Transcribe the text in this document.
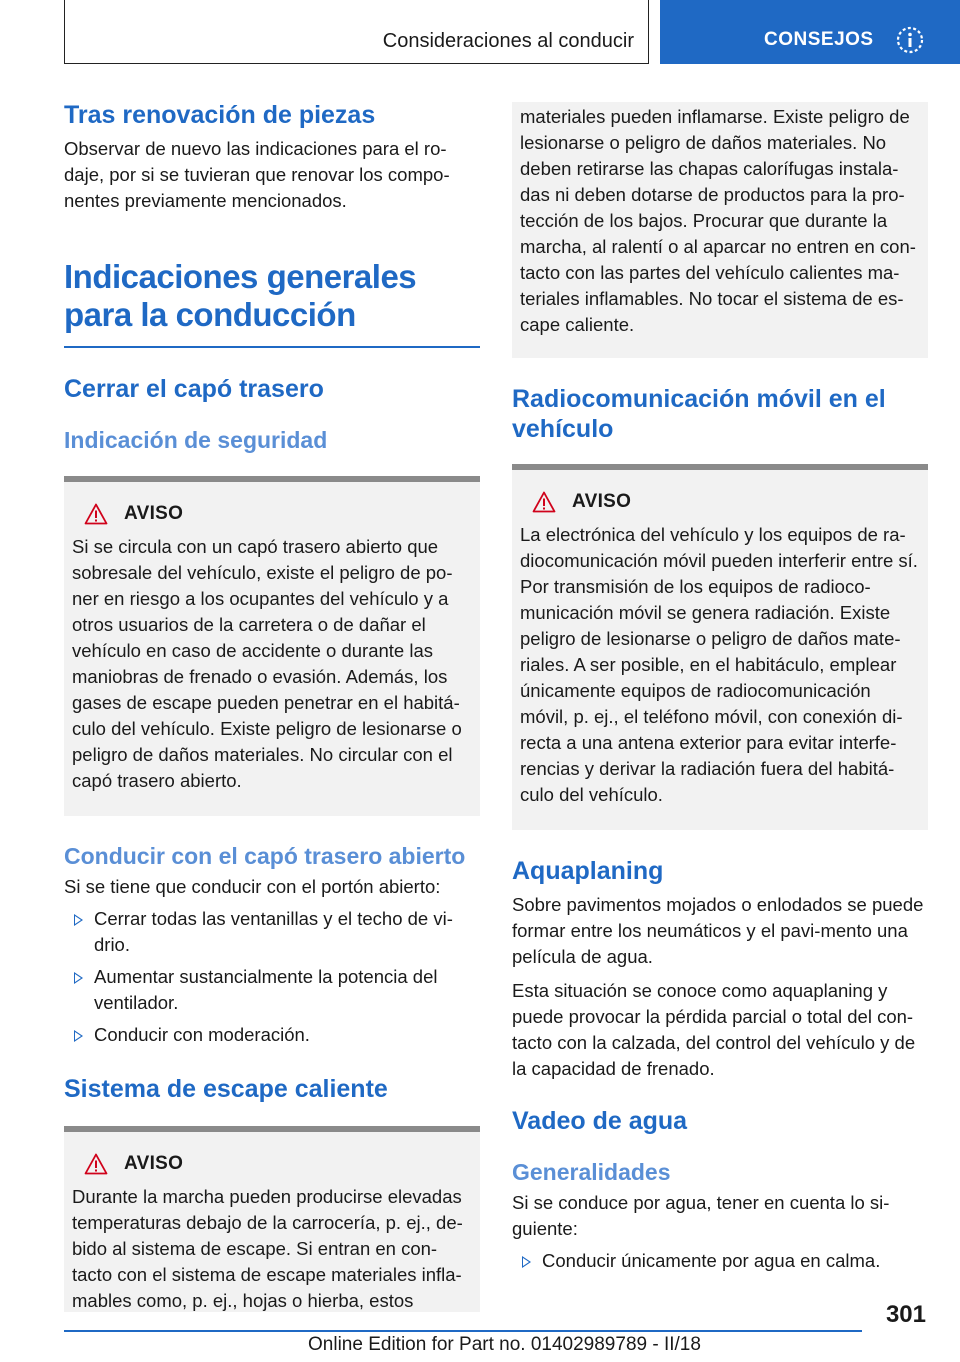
Consideraciones al conducir	CONSEJOS
Tras renovación de piezas

Observar de nuevo las indicaciones para el ro-daje, por si se tuvieran que renovar los compo-nentes previamente mencionados.

Indicaciones generales
para la conducción
Cerrar el capó trasero
Indicación de seguridad
AVISO

Si se circula con un capó trasero abierto que sobresale del vehículo, existe el peligro de po-ner en riesgo a los ocupantes del vehículo y a otros usuarios de la carretera o de dañar el vehículo en caso de accidente o durante las maniobras de frenado o evasión. Además, los gases de escape pueden penetrar en el habitá-culo del vehículo. Existe peligro de lesionarse o peligro de daños materiales. No circular con el capó trasero abierto.

Conducir con el capó trasero abierto

Si se tiene que conducir con el portón abierto:

Cerrar todas las ventanillas y el techo de vi-drio.
Aumentar sustancialmente la potencia del ventilador.
Conducir con moderación.
Sistema de escape caliente
AVISO

Durante la marcha pueden producirse elevadas temperaturas debajo de la carrocería, p. ej., de-bido al sistema de escape. Si entran en con-tacto con el sistema de escape materiales infla-mables como, p. ej., hojas o hierba, estos

materiales pueden inflamarse. Existe peligro de lesionarse o peligro de daños materiales. No deben retirarse las chapas calorífugas instala-das ni deben dotarse de productos para la pro-tección de los bajos. Procurar que durante la marcha, al ralentí o al aparcar no entren en con-tacto con las partes del vehículo calientes ma-teriales inflamables. No tocar el sistema de es-cape caliente.

Radiocomunicación móvil en el vehículo
AVISO

La electrónica del vehículo y los equipos de ra-diocomunicación móvil pueden interferir entre sí. Por transmisión de los equipos de radioco-municación móvil se genera radiación. Existe peligro de lesionarse o peligro de daños mate-riales. A ser posible, en el habitáculo, emplear únicamente equipos de radiocomunicación móvil, p. ej., el teléfono móvil, con conexión di-recta a una antena exterior para evitar interfe-rencias y derivar la radiación fuera del habitá-culo del vehículo.

Aquaplaning

Sobre pavimentos mojados o enlodados se puede formar entre los neumáticos y el pavi-mento una película de agua.

Esta situación se conoce como aquaplaning y puede provocar la pérdida parcial o total del con-tacto con la calzada, del control del vehículo y de la capacidad de frenado.

Vadeo de agua
Generalidades

Si se conduce por agua, tener en cuenta lo si-guiente:

Conducir únicamente por agua en calma.
301
Online Edition for Part no. 01402989789 - II/18
